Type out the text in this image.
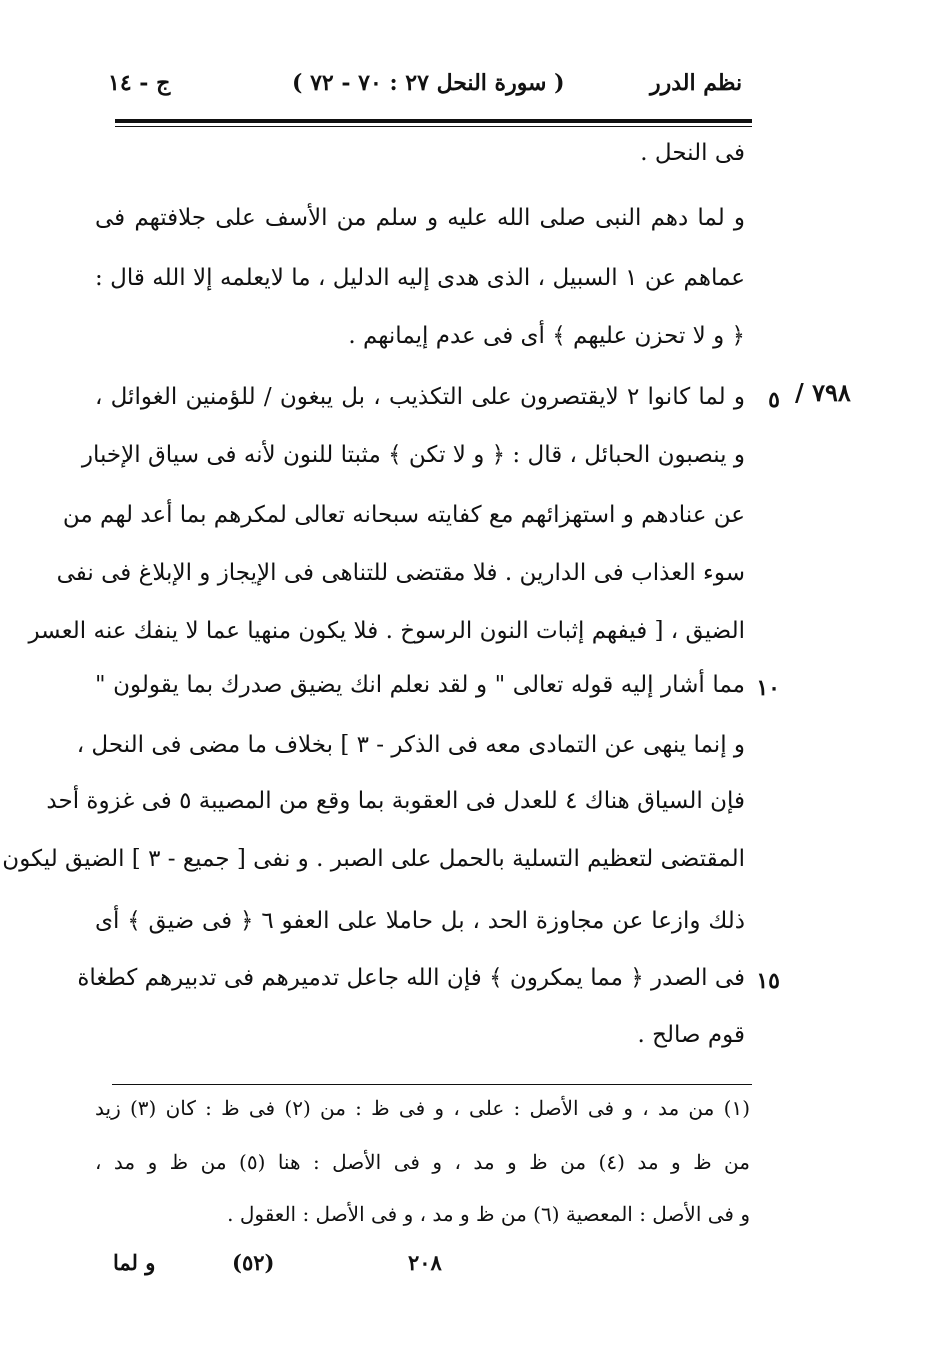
نظم الدرر
( سورة النحل ٢٧ : ٧٠ - ٧٢ )
ج - ١٤
فى النحل .
و لما دهم النبى صلى الله عليه و سلم من الأسف على جلافتهم فى
عماهم عن ١ السبيل ، الذى هدى إليه الدليل ، ما لايعلمه إلا الله قال :
﴿ و لا تحزن عليهم ﴾ أى فى عدم إيمانهم .
و لما كانوا ٢ لايقتصرون على التكذيب ، بل يبغون / للؤمنين الغوائل ،
و ينصبون الحبائل ، قال : ﴿ و لا تكن ﴾ مثبتا للنون لأنه فى سياق الإخبار
عن عنادهم و استهزائهم مع كفايته سبحانه تعالى لمكرهم بما أعد لهم من
سوء العذاب فى الدارين . فلا مقتضى للتناهى فى الإيجاز و الإبلاغ فى نفى
الضيق ، [ فيفهم إثبات النون الرسوخ . فلا يكون منهيا عما لا ينفك عنه العسر
مما أشار إليه قوله تعالى " و لقد نعلم انك يضيق صدرك بما يقولون "
و إنما ينهى عن التمادى معه فى الذكر - ٣ ] بخلاف ما مضى فى النحل ،
فإن السياق هناك ٤ للعدل فى العقوبة بما وقع من المصيبة ٥ فى غزوة أحد
المقتضى لتعظيم التسلية بالحمل على الصبر . و نفى [ جميع - ٣ ] الضيق ليكون
ذلك وازعا عن مجاوزة الحد ، بل حاملا على العفو ٦ ﴿ فى ضيق ﴾ أى
فى الصدر ﴿ مما يمكرون ﴾ فإن الله جاعل تدميرهم فى تدبيرهم كطغاة
قوم صالح .
٥
١٠
١٥
٧٩٨ /
(١) من مد ، و فى الأصل : على ، و فى ظ : من (٢) فى ظ : كان (٣) زيد
من ظ و مد (٤) من ظ و مد ، و فى الأصل : هنا (٥) من ظ و مد ،
و فى الأصل : المعصية (٦) من ظ و مد ، و فى الأصل : العقول .
٢٠٨
(٥٢)
و لما
